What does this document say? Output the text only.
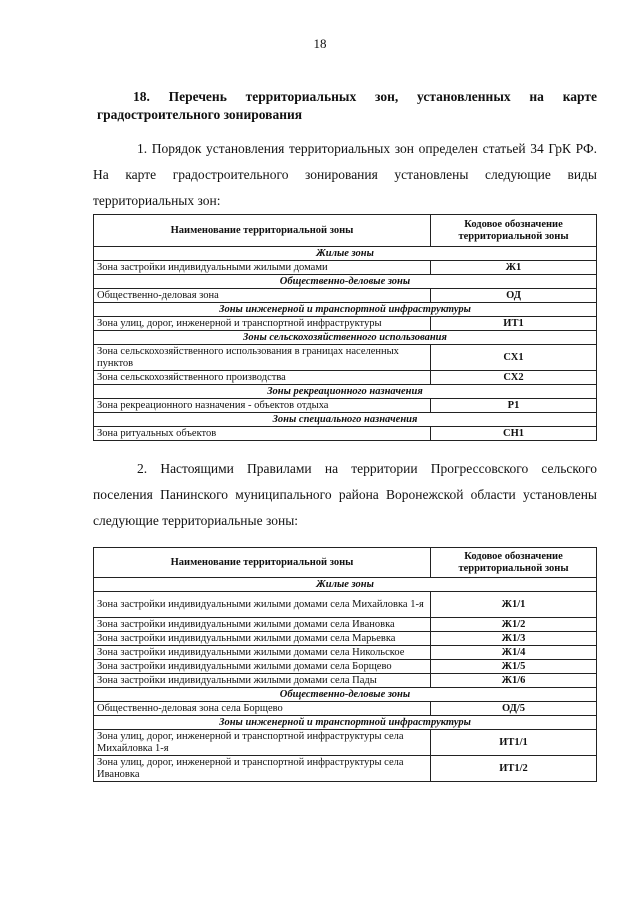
18
18. Перечень территориальных зон, установленных на карте градостроительного зонирования
1. Порядок установления территориальных зон определен статьей 34 ГрК РФ. На карте градостроительного зонирования установлены следующие виды территориальных зон:
Наименование территориальной зоны	Кодовое обозначение территориальной зоны
Жилые зоны	
Зона застройки индивидуальными жилыми домами	Ж1
Общественно-деловые зоны	
Общественно-деловая зона	ОД
Зоны инженерной и транспортной инфраструктуры	
Зона улиц, дорог, инженерной и транспортной инфраструктуры	ИТ1
Зоны сельскохозяйственного использования	
Зона сельскохозяйственного использования в границах населенных пунктов	СХ1
Зона сельскохозяйственного производства	СХ2
Зоны рекреационного назначения	
Зона рекреационного назначения - объектов отдыха	Р1
Зоны специального назначения	
Зона ритуальных объектов	СН1
2. Настоящими Правилами на территории Прогрессовского сельского поселения Панинского муниципального района Воронежской области установлены следующие территориальные зоны:
Наименование территориальной зоны	Кодовое обозначение территориальной зоны
Жилые зоны	
Зона застройки индивидуальными жилыми домами села Михайловка 1-я	Ж1/1
Зона застройки индивидуальными жилыми домами села Ивановка	Ж1/2
Зона застройки индивидуальными жилыми домами села Марьевка	Ж1/3
Зона застройки индивидуальными жилыми домами села Никольское	Ж1/4
Зона застройки индивидуальными жилыми домами села Борщево	Ж1/5
Зона застройки индивидуальными жилыми домами села Пады	Ж1/6
Общественно-деловые зоны	
Общественно-деловая зона села Борщево	ОД/5
Зоны инженерной и транспортной инфраструктуры	
Зона улиц, дорог, инженерной и транспортной инфраструктуры села Михайловка 1-я	ИТ1/1
Зона улиц, дорог, инженерной и транспортной инфраструктуры села Ивановка	ИТ1/2
